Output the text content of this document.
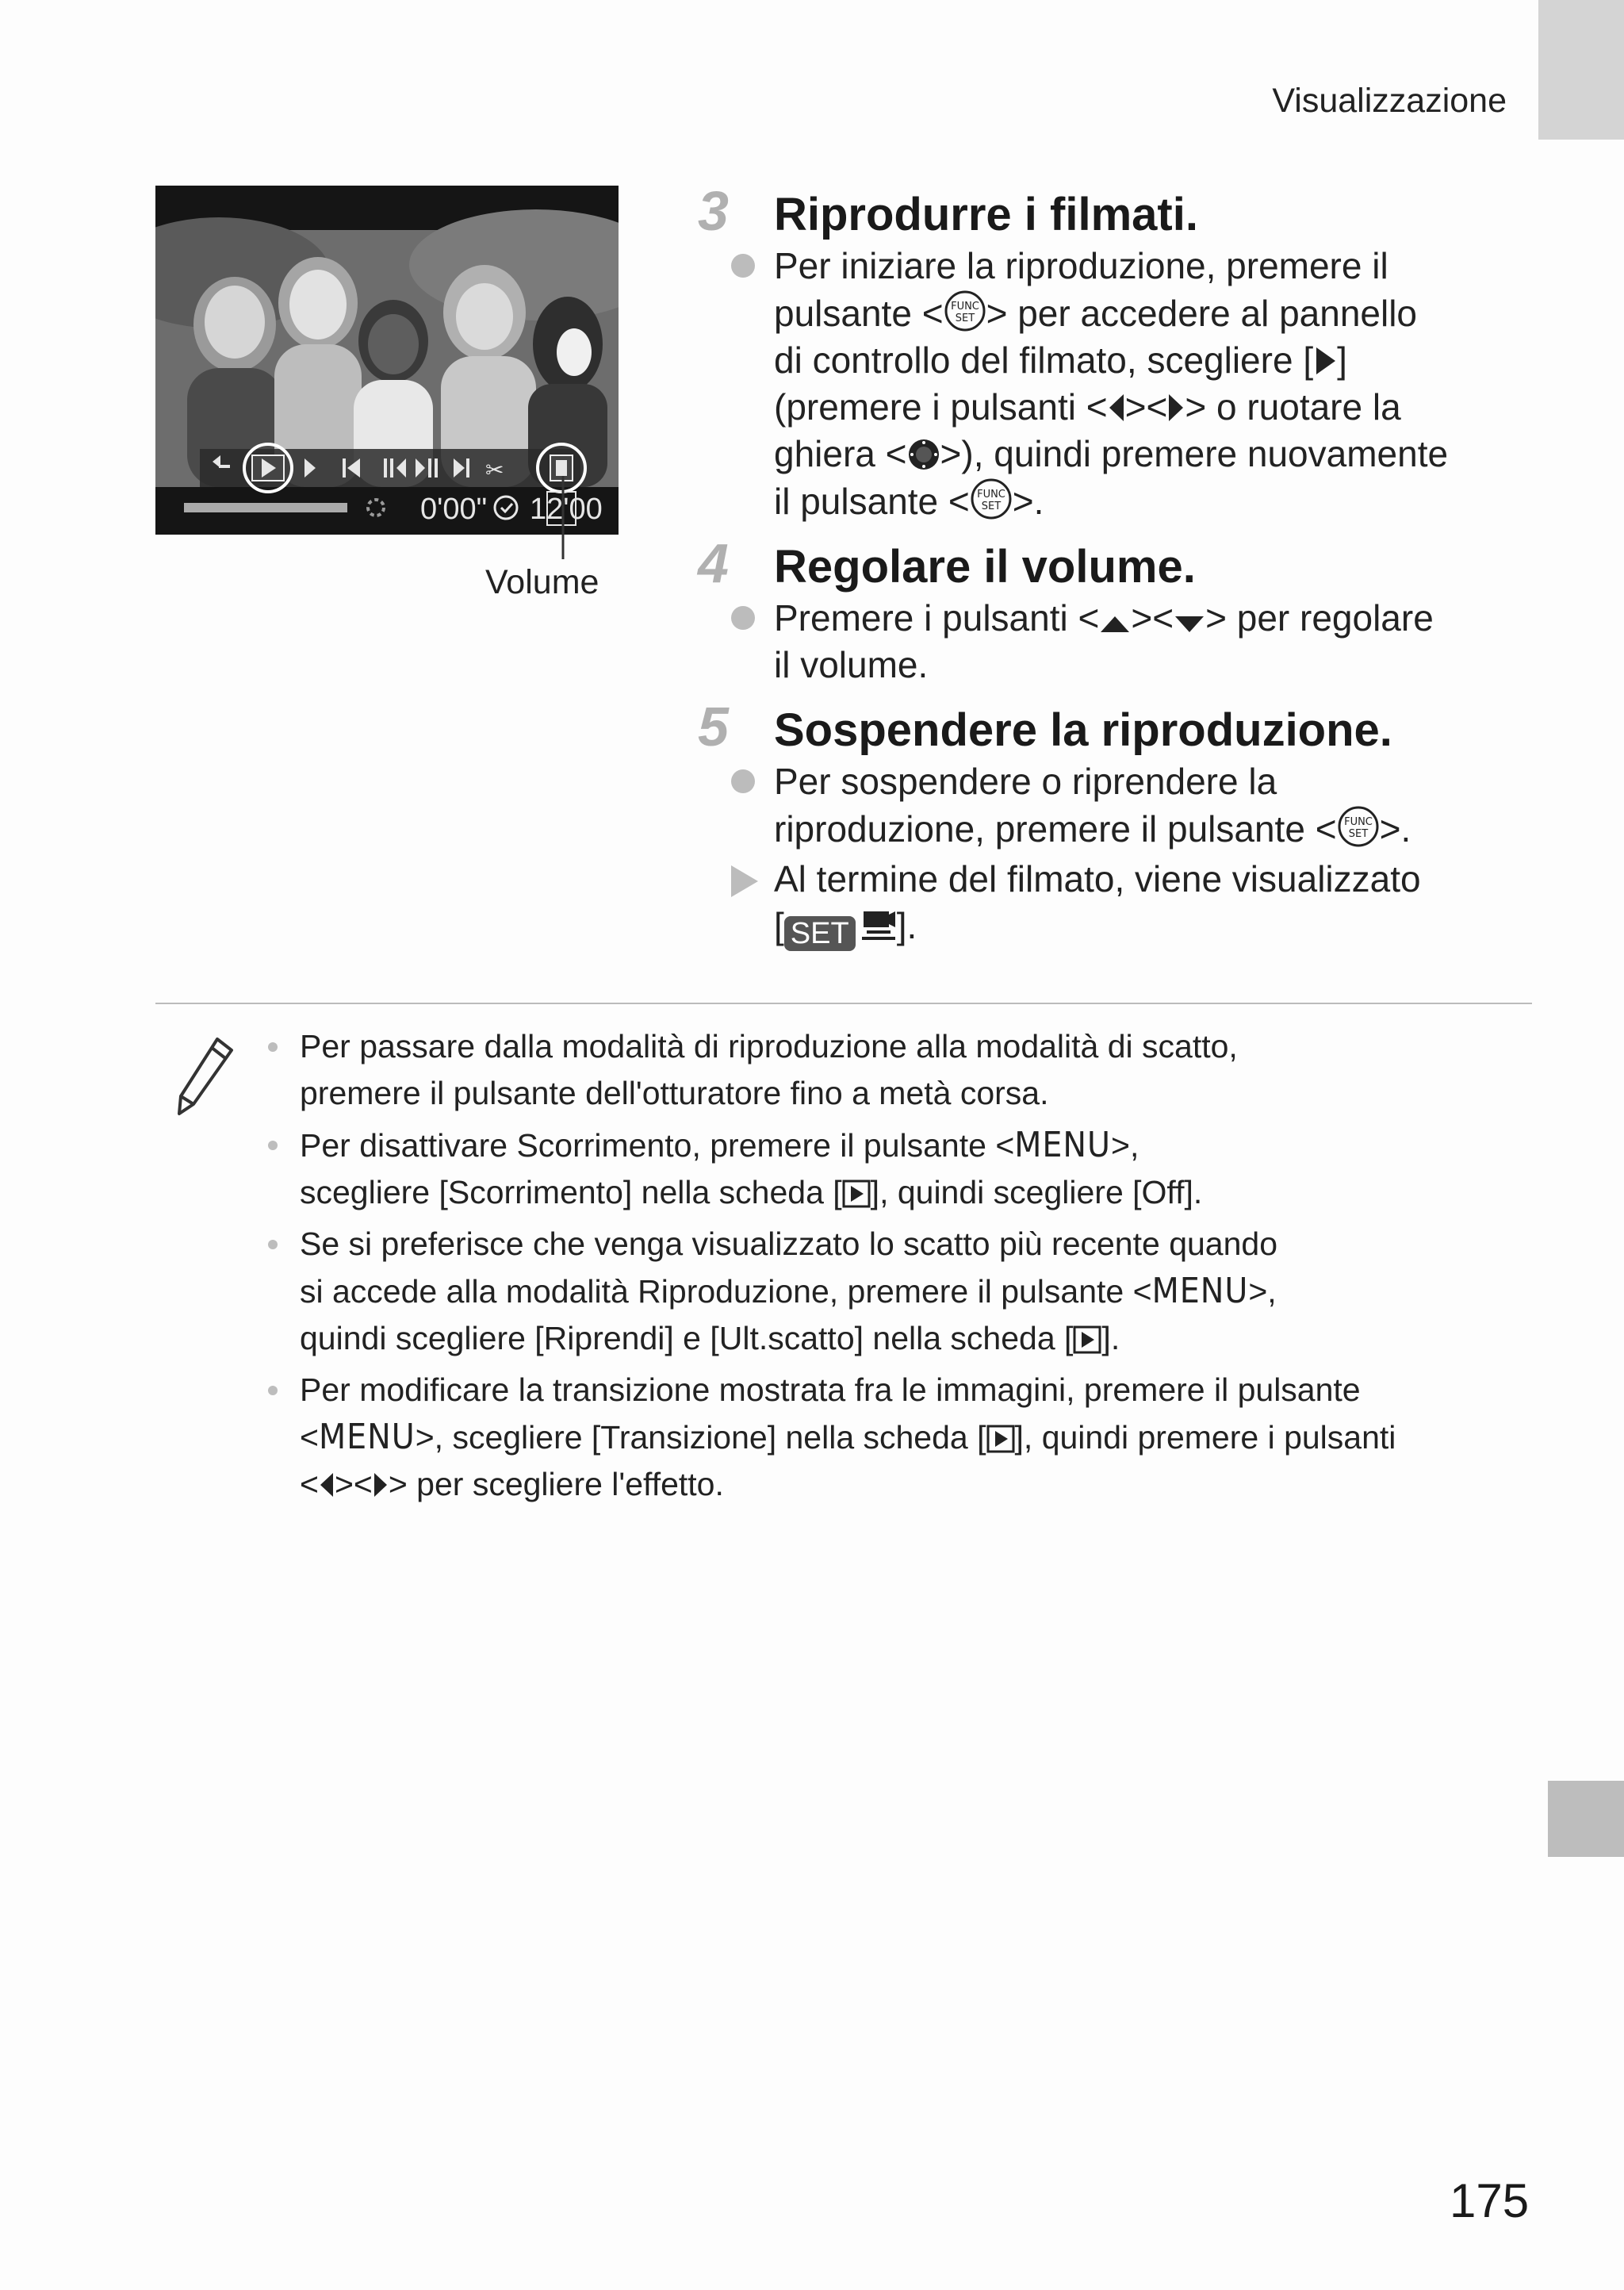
Visualizzazione
✂
0'00" 12'00
Volume
3 Riprodurre i filmati.
Per iniziare la riproduzione, premere il
pulsante < FUNC
SET > per accedere al pannello
di controllo del filmato, scegliere [ ]
(premere i pulsanti < >< > o ruotare la
ghiera < >), quindi premere nuovamente
il pulsante < FUNC
SET >.
4 Regolare il volume.
Premere i pulsanti < >< > per regolare
il volume.
5 Sospendere la riproduzione.
Per sospendere o riprendere la
riproduzione, premere il pulsante < FUNC
SET >.
Al termine del filmato, viene visualizzato
[ SET ].
Per passare dalla modalità di riproduzione alla modalità di scatto,
premere il pulsante dell'otturatore fino a metà corsa.
Per disattivare Scorrimento, premere il pulsante <MENU>,
scegliere [Scorrimento] nella scheda [ ], quindi scegliere [Off].
Se si preferisce che venga visualizzato lo scatto più recente quando
si accede alla modalità Riproduzione, premere il pulsante <MENU>,
quindi scegliere [Riprendi] e [Ult.scatto] nella scheda [ ].
Per modificare la transizione mostrata fra le immagini, premere il pulsante
<MENU>, scegliere [Transizione] nella scheda [ ], quindi premere i pulsanti
< >< > per scegliere l'effetto.
175
